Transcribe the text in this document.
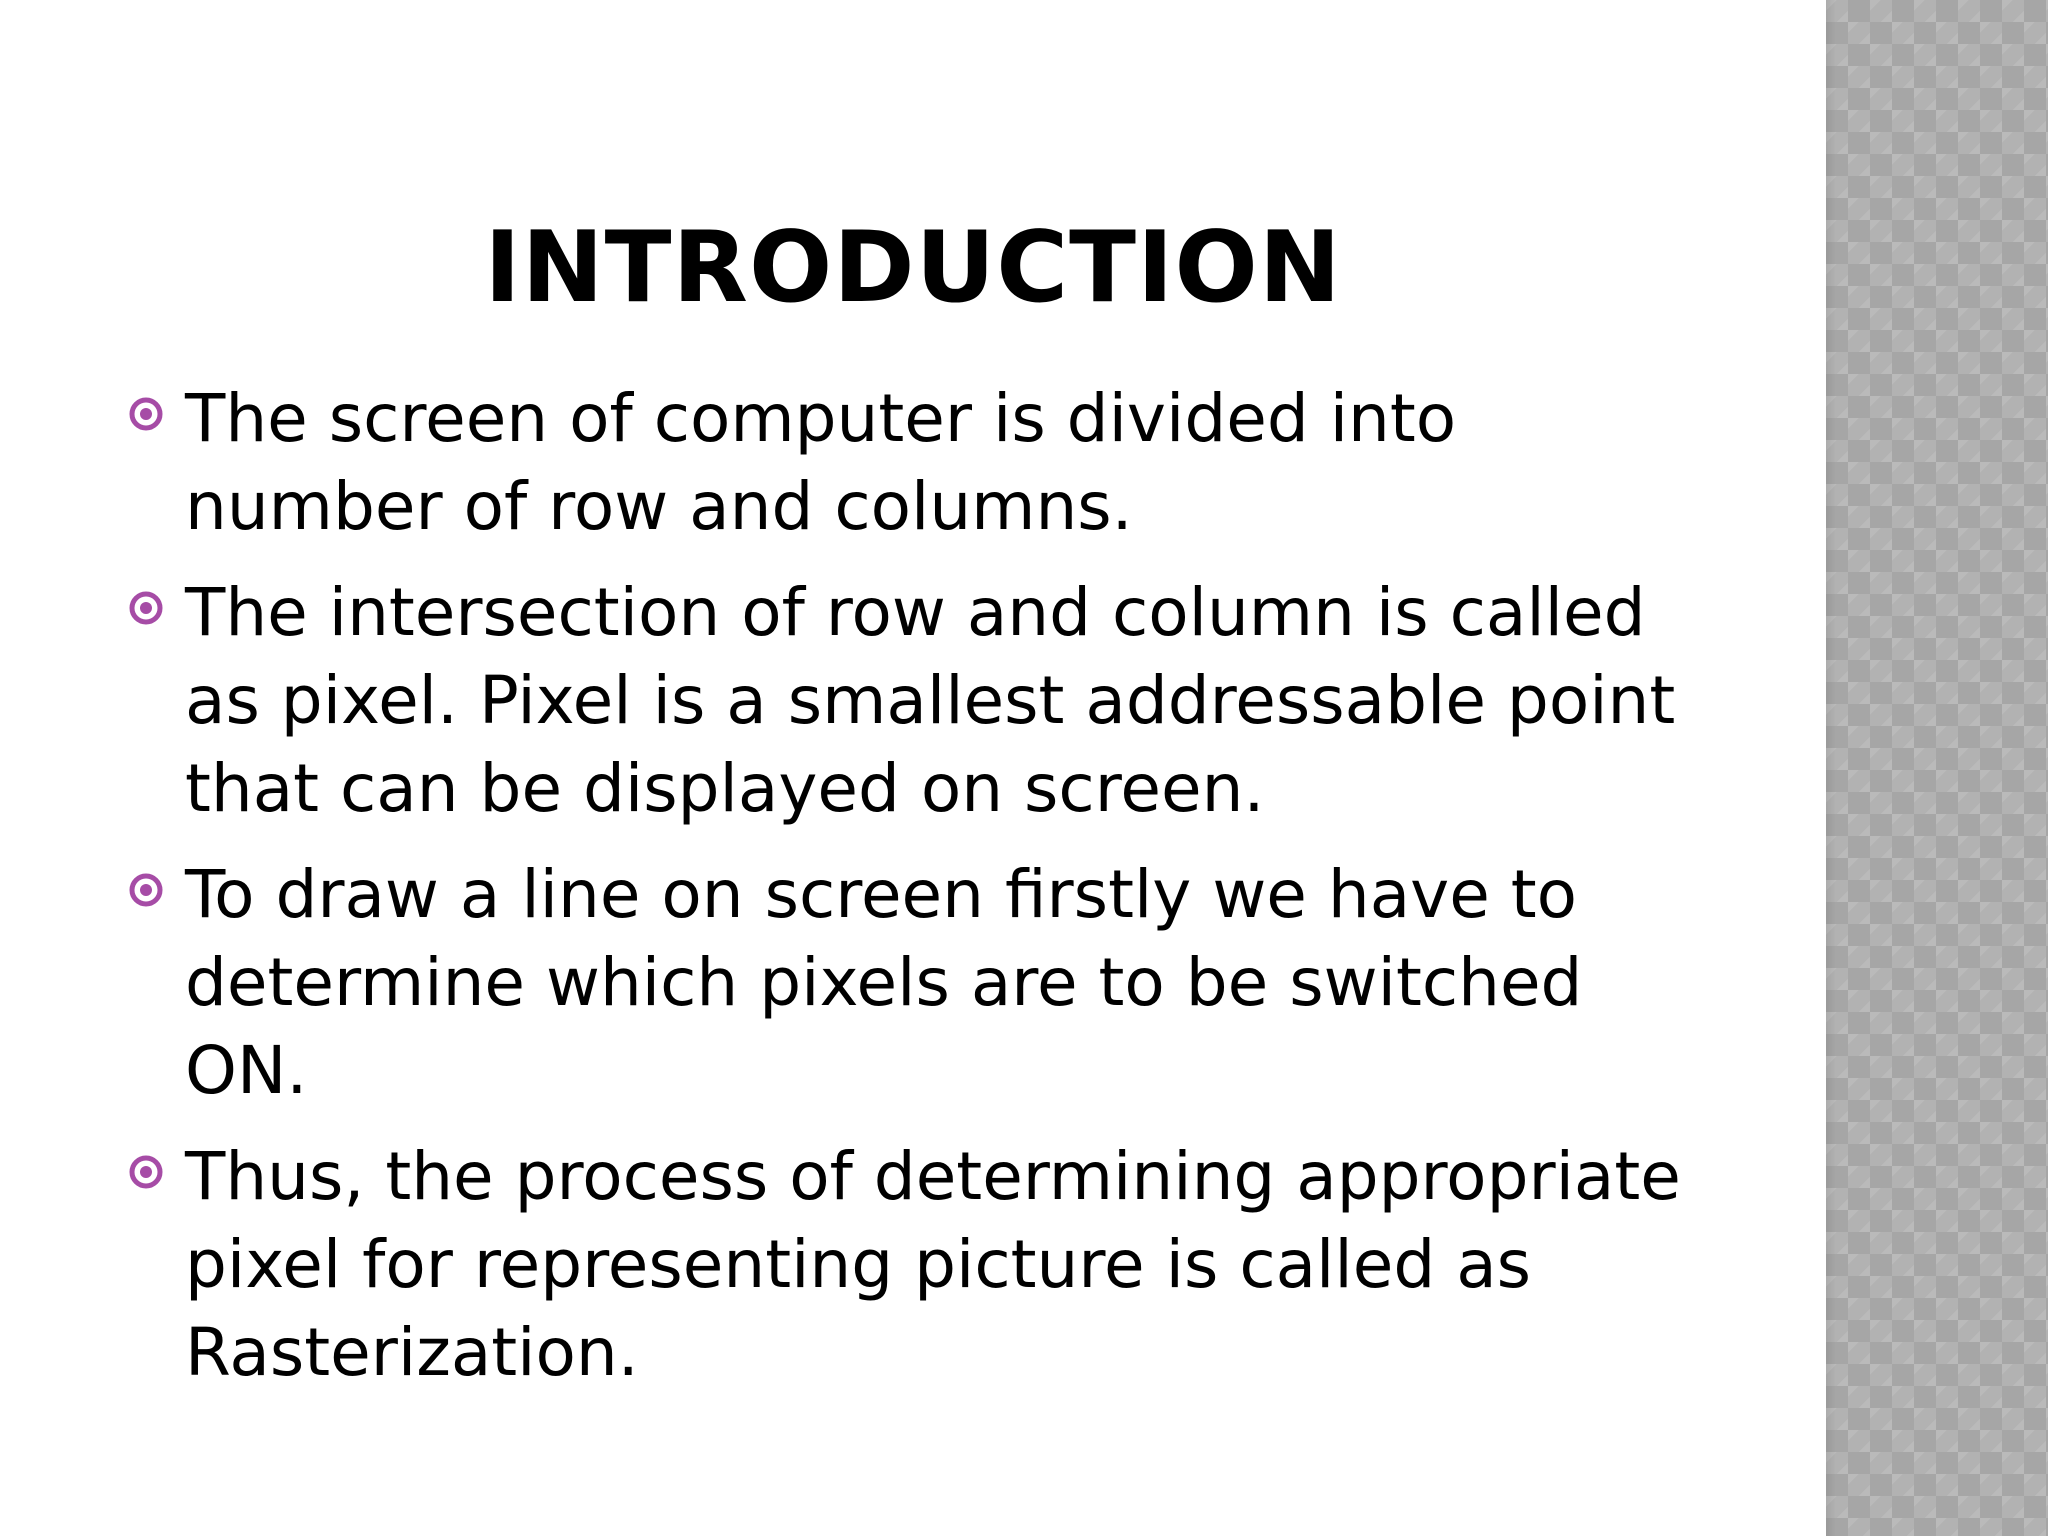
INTRODUCTION
The screen of computer is divided into number of row and columns.
The intersection of row and column is called as pixel. Pixel is a smallest addressable point that can be displayed on screen.
To draw a line on screen firstly we have to determine which pixels are to be switched ON.
Thus, the process of determining appropriate pixel for representing picture is called as Rasterization.
